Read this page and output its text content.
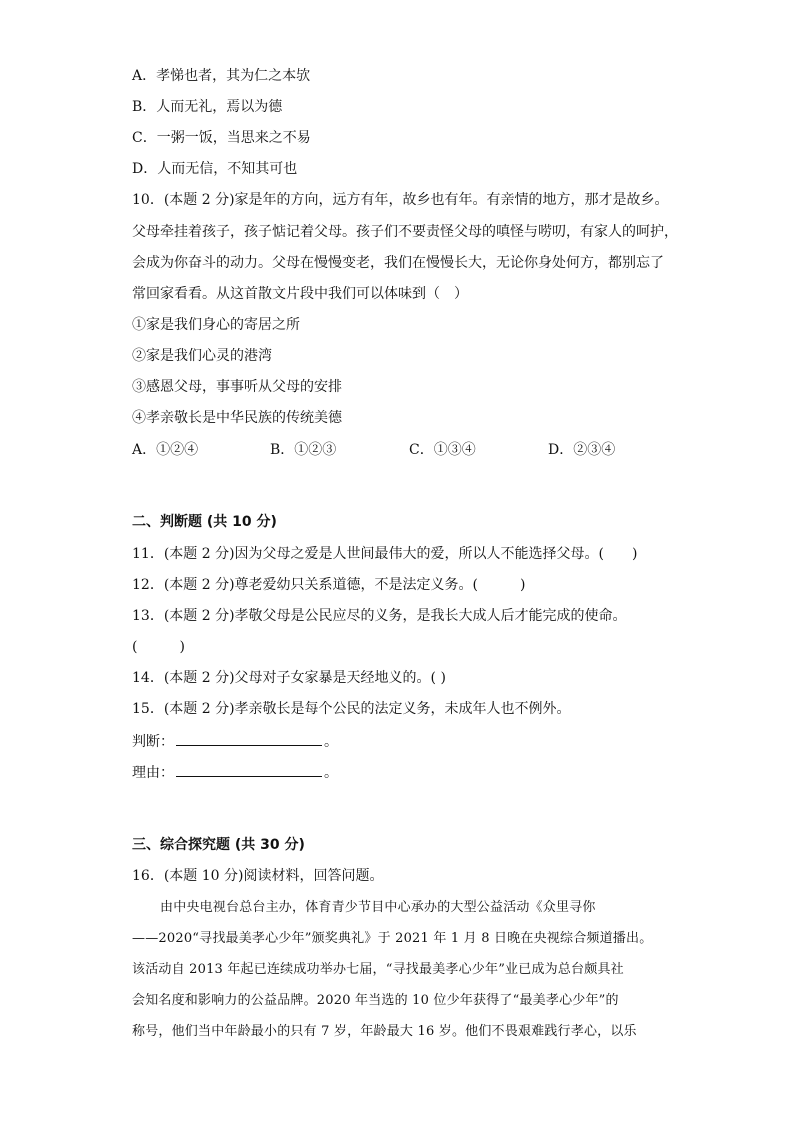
A．孝悌也者，其为仁之本欤
B．人而无礼，焉以为德
C．一粥一饭，当思来之不易
D．人而无信，不知其可也
10．(本题 2 分)家是年的方向，远方有年，故乡也有年。有亲情的地方，那才是故乡。
父母牵挂着孩子，孩子惦记着父母。孩子们不要责怪父母的嗔怪与唠叨，有家人的呵护，
会成为你奋斗的动力。父母在慢慢变老，我们在慢慢长大，无论你身处何方，都别忘了
常回家看看。从这首散文片段中我们可以体味到（　）
①家是我们身心的寄居之所
②家是我们心灵的港湾
③感恩父母，事事听从父母的安排
④孝亲敬长是中华民族的传统美德
A．①②④	B．①②③	C．①③④	D．②③④
二、判断题 (共 10 分)
11．(本题 2 分)因为父母之爱是人世间最伟大的爱，所以人不能选择父母。(　　)
12．(本题 2 分)尊老爱幼只关系道德，不是法定义务。(　　　)
13．(本题 2 分)孝敬父母是公民应尽的义务，是我长大成人后才能完成的使命。
(　　　)
14．(本题 2 分)父母对子女家暴是天经地义的。( )
15．(本题 2 分)孝亲敬长是每个公民的法定义务，未成年人也不例外。
判断：	。
理由：	。
三、综合探究题 (共 30 分)
16．(本题 10 分)阅读材料，回答问题。
由中央电视台总台主办，体育青少节目中心承办的大型公益活动《众里寻你
——2020“寻找最美孝心少年”颁奖典礼》于 2021 年 1 月 8 日晚在央视综合频道播出。
该活动自 2013 年起已连续成功举办七届，“寻找最美孝心少年”业已成为总台颇具社
会知名度和影响力的公益品牌。2020 年当选的 10 位少年获得了“最美孝心少年”的
称号，他们当中年龄最小的只有 7 岁，年龄最大 16 岁。他们不畏艰难践行孝心，以乐
